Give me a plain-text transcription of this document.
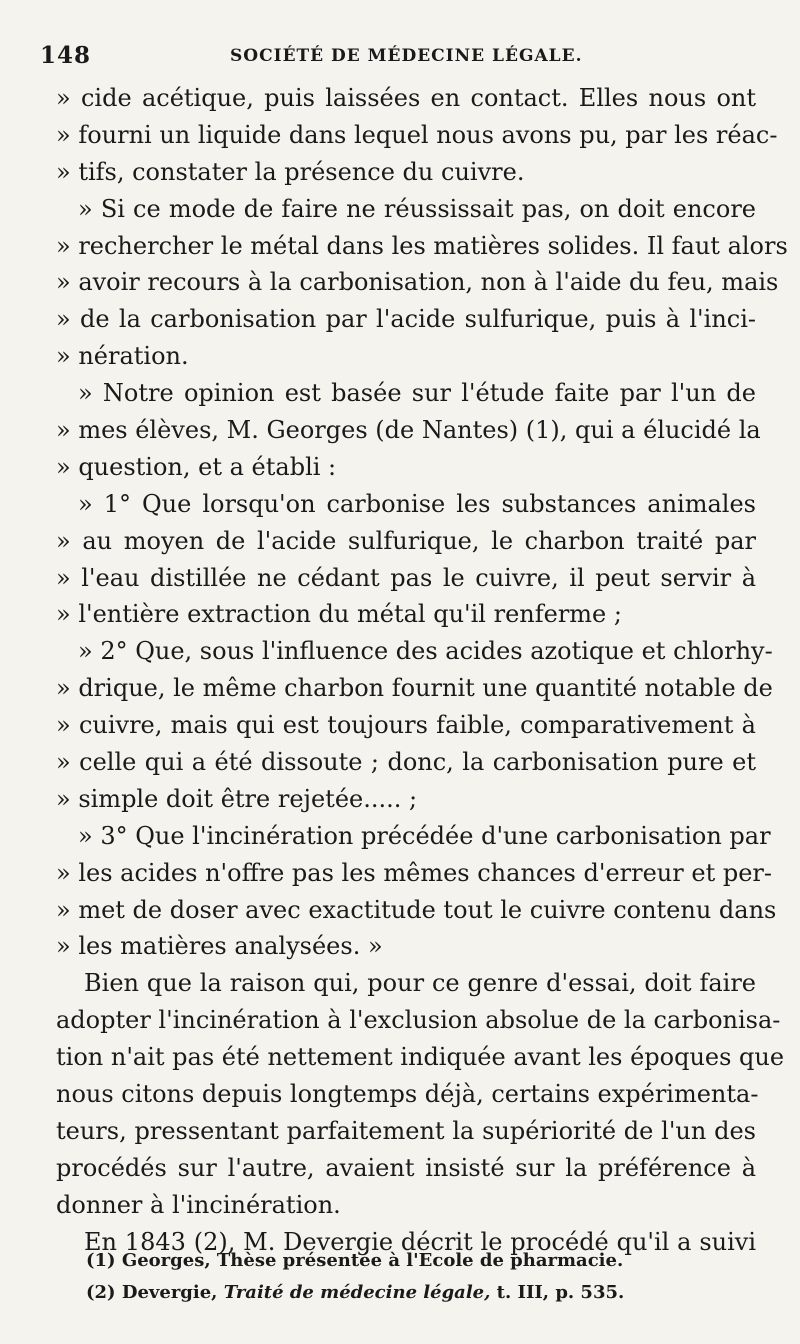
148	SOCIÉTÉ DE MÉDECINE LÉGALE.
» cide acétique, puis laissées en contact. Elles nous ont
» fourni un liquide dans lequel nous avons pu, par les réac-
» tifs, constater la présence du cuivre.
» Si ce mode de faire ne réussissait pas, on doit encore
» rechercher le métal dans les matières solides. Il faut alors
» avoir recours à la carbonisation, non à l'aide du feu, mais
» de la carbonisation par l'acide sulfurique, puis à l'inci-
» nération.
» Notre opinion est basée sur l'étude faite par l'un de
» mes élèves, M. Georges (de Nantes) (1), qui a élucidé la
» question, et a établi :
» 1° Que lorsqu'on carbonise les substances animales
» au moyen de l'acide sulfurique, le charbon traité par
» l'eau distillée ne cédant pas le cuivre, il peut servir à
» l'entière extraction du métal qu'il renferme ;
» 2° Que, sous l'influence des acides azotique et chlorhy-
» drique, le même charbon fournit une quantité notable de
» cuivre, mais qui est toujours faible, comparativement à
» celle qui a été dissoute ; donc, la carbonisation pure et
» simple doit être rejetée..... ;
» 3° Que l'incinération précédée d'une carbonisation par
» les acides n'offre pas les mêmes chances d'erreur et per-
» met de doser avec exactitude tout le cuivre contenu dans
» les matières analysées. »
Bien que la raison qui, pour ce genre d'essai, doit faire
adopter l'incinération à l'exclusion absolue de la carbonisa-
tion n'ait pas été nettement indiquée avant les époques que
nous citons depuis longtemps déjà, certains expérimenta-
teurs, pressentant parfaitement la supériorité de l'un des
procédés sur l'autre, avaient insisté sur la préférence à
donner à l'incinération.
En 1843 (2), M. Devergie décrit le procédé qu'il a suivi
(1) Georges, Thèse présentée à l'Ecole de pharmacie.
(2) Devergie, Traité de médecine légale, t. III, p. 535.
